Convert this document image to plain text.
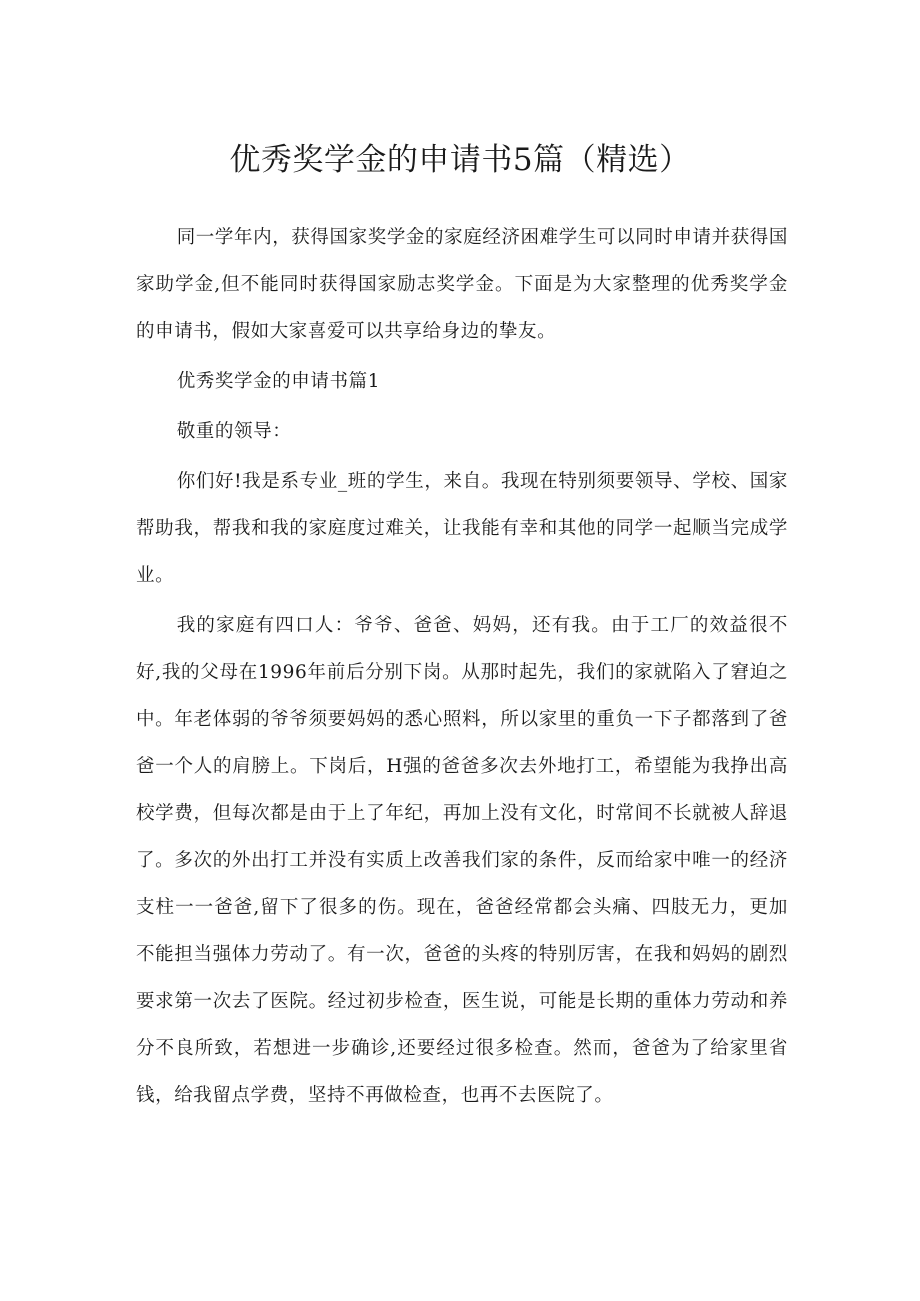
优秀奖学金的申请书5篇（精选）

同一学年内，获得国家奖学金的家庭经济困难学生可以同时申请并获得国家助学金,但不能同时获得国家励志奖学金。下面是为大家整理的优秀奖学金的申请书，假如大家喜爱可以共享给身边的挚友。

优秀奖学金的申请书篇1

敬重的领导：

你们好!我是系专业_班的学生，来自。我现在特别须要领导、学校、国家帮助我，帮我和我的家庭度过难关，让我能有幸和其他的同学一起顺当完成学业。

我的家庭有四口人：爷爷、爸爸、妈妈，还有我。由于工厂的效益很不好,我的父母在1996年前后分别下岗。从那时起先，我们的家就陷入了窘迫之中。年老体弱的爷爷须要妈妈的悉心照料，所以家里的重负一下子都落到了爸爸一个人的肩膀上。下岗后，H强的爸爸多次去外地打工，希望能为我挣出高校学费，但每次都是由于上了年纪，再加上没有文化，时常间不长就被人辞退了。多次的外出打工并没有实质上改善我们家的条件，反而给家中唯一的经济支柱一一爸爸,留下了很多的伤。现在，爸爸经常都会头痛、四肢无力，更加不能担当强体力劳动了。有一次，爸爸的头疼的特别厉害，在我和妈妈的剧烈要求第一次去了医院。经过初步检查，医生说，可能是长期的重体力劳动和养分不良所致，若想进一步确诊,还要经过很多检查。然而，爸爸为了给家里省钱，给我留点学费，坚持不再做检查，也再不去医院了。
